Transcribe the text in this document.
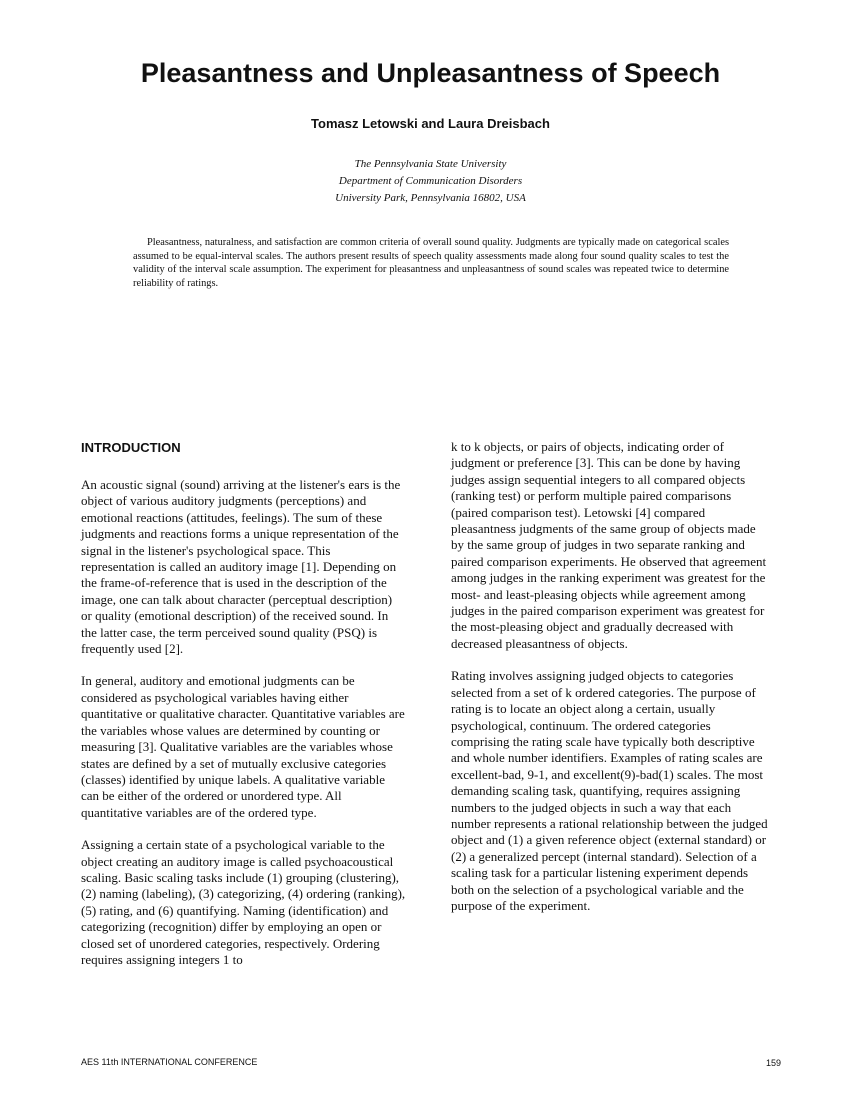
Pleasantness and Unpleasantness of Speech
Tomasz Letowski and Laura Dreisbach
The Pennsylvania State University
Department of Communication Disorders
University Park, Pennsylvania 16802, USA

Pleasantness, naturalness, and satisfaction are common criteria of overall sound quality. Judgments are typically made on categorical scales assumed to be equal-interval scales. The authors present results of speech quality assessments made along four sound quality scales to test the validity of the interval scale assumption. The experiment for pleasantness and unpleasantness of sound scales was repeated twice to determine reliability of ratings.

INTRODUCTION

An acoustic signal (sound) arriving at the listener's ears is the object of various auditory judgments (perceptions) and emotional reactions (attitudes, feelings). The sum of these judgments and reactions forms a unique representation of the signal in the listener's psychological space. This representation is called an auditory image [1]. Depending on the frame-of-reference that is used in the description of the image, one can talk about character (perceptual description) or quality (emotional description) of the received sound. In the latter case, the term perceived sound quality (PSQ) is frequently used [2].

In general, auditory and emotional judgments can be considered as psychological variables having either quantitative or qualitative character. Quantitative variables are the variables whose values are determined by counting or measuring [3]. Qualitative variables are the variables whose states are defined by a set of mutually exclusive categories (classes) identified by unique labels. A qualitative variable can be either of the ordered or unordered type. All quantitative variables are of the ordered type.

Assigning a certain state of a psychological variable to the object creating an auditory image is called psychoacoustical scaling. Basic scaling tasks include (1) grouping (clustering), (2) naming (labeling), (3) categorizing, (4) ordering (ranking), (5) rating, and (6) quantifying. Naming (identification) and categorizing (recognition) differ by employing an open or closed set of unordered categories, respectively. Ordering requires assigning integers 1 to

k to k objects, or pairs of objects, indicating order of judgment or preference [3]. This can be done by having judges assign sequential integers to all compared objects (ranking test) or perform multiple paired comparisons (paired comparison test). Letowski [4] compared pleasantness judgments of the same group of objects made by the same group of judges in two separate ranking and paired comparison experiments. He observed that agreement among judges in the ranking experiment was greatest for the most- and least-pleasing objects while agreement among judges in the paired comparison experiment was greatest for the most-pleasing object and gradually decreased with decreased pleasantness of objects.

Rating involves assigning judged objects to categories selected from a set of k ordered categories. The purpose of rating is to locate an object along a certain, usually psychological, continuum. The ordered categories comprising the rating scale have typically both descriptive and whole number identifiers. Examples of rating scales are excellent-bad, 9-1, and excellent(9)-bad(1) scales. The most demanding scaling task, quantifying, requires assigning numbers to the judged objects in such a way that each number represents a rational relationship between the judged object and (1) a given reference object (external standard) or (2) a generalized percept (internal standard). Selection of a scaling task for a particular listening experiment depends both on the selection of a psychological variable and the purpose of the experiment.

AES 11th INTERNATIONAL CONFERENCE	159
